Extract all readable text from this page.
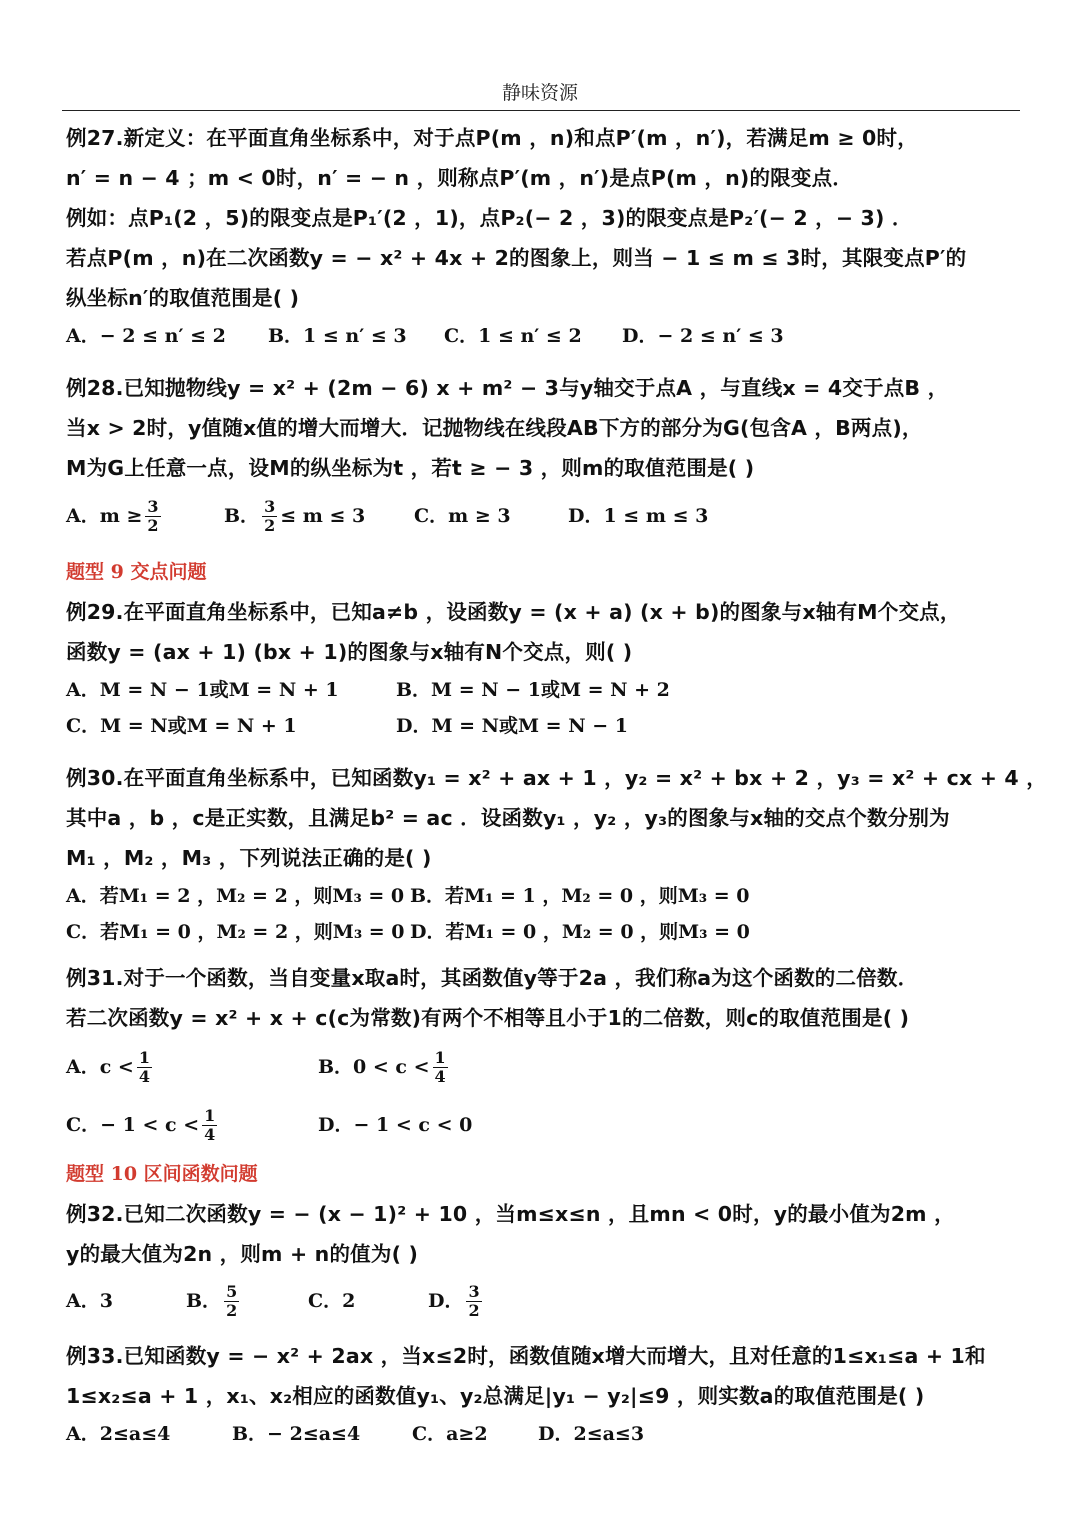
静味资源
例27.新定义：在平面直角坐标系中，对于点P(m ，n)和点P′(m ，n′)，若满足m ≥ 0时，
n′ = n − 4 ；m < 0时，n′ = − n ，则称点P′(m ，n′)是点P(m ，n)的限变点．
例如：点P₁(2 ，5)的限变点是P₁′(2 ，1)，点P₂(− 2 ，3)的限变点是P₂′(− 2 ，− 3) ．
若点P(m ，n)在二次函数y = − x² + 4x + 2的图象上，则当 − 1 ≤ m ≤ 3时，其限变点P′的
纵坐标n′的取值范围是( )
A．− 2 ≤ n′ ≤ 2	B．1 ≤ n′ ≤ 3	C．1 ≤ n′ ≤ 2	D．− 2 ≤ n′ ≤ 3
例28.已知抛物线y = x² + (2m − 6) x + m² − 3与y轴交于点A ，与直线x = 4交于点B ，
当x > 2时，y值随x值的增大而增大．记抛物线在线段AB下方的部分为G(包含A ，B两点)，
M为G上任意一点，设M的纵坐标为t ，若t ≥ − 3 ，则m的取值范围是( )
A．$m \ge \frac{3}{2}$	B． $\frac{3}{2} \le m \le 3$	C．m ≥ 3	D．1 ≤ m ≤ 3
题型 9 交点问题
例29.在平面直角坐标系中，已知a≠b ，设函数y = (x + a) (x + b)的图象与x轴有M个交点，
函数y = (ax + 1) (bx + 1)的图象与x轴有N个交点，则( )
A．M = N − 1或M = N + 1	B．M = N − 1或M = N + 2
C．M = N或M = N + 1	D．M = N或M = N − 1
例30.在平面直角坐标系中，已知函数y₁ = x² + ax + 1 ，y₂ = x² + bx + 2 ，y₃ = x² + cx + 4 ，
其中a ，b ，c是正实数，且满足b² = ac ．设函数y₁ ，y₂ ，y₃的图象与x轴的交点个数分别为
M₁ ，M₂ ，M₃ ，下列说法正确的是( )
A．若M₁ = 2 ，M₂ = 2 ，则M₃ = 0 B．若M₁ = 1 ，M₂ = 0 ，则M₃ = 0
C．若M₁ = 0 ，M₂ = 2 ，则M₃ = 0 D．若M₁ = 0 ，M₂ = 0 ，则M₃ = 0
例31.对于一个函数，当自变量x取a时，其函数值y等于2a ，我们称a为这个函数的二倍数．
若二次函数y = x² + x + c(c为常数)有两个不相等且小于1的二倍数，则c的取值范围是( )
A．$c < \frac{1}{4}$	B．$0 < c < \frac{1}{4}$
C．− $1 < c < \frac{1}{4}$	D．− 1 < c < 0
题型 10 区间函数问题
例32.已知二次函数y = − (x − 1)² + 10 ，当m≤x≤n ，且mn < 0时，y的最小值为2m ，
y的最大值为2n ，则m + n的值为( )
A．3	B． $\frac{5}{2}$	C．2	D． $\frac{3}{2}$
例33.已知函数y = − x² + 2ax ，当x≤2时，函数值随x增大而增大，且对任意的1≤x₁≤a + 1和
1≤x₂≤a + 1 ，x₁、x₂相应的函数值y₁、y₂总满足|y₁ − y₂|≤9 ，则实数a的取值范围是( )
A．2≤a≤4	B．− 2≤a≤4	C．a≥2	D．2≤a≤3
